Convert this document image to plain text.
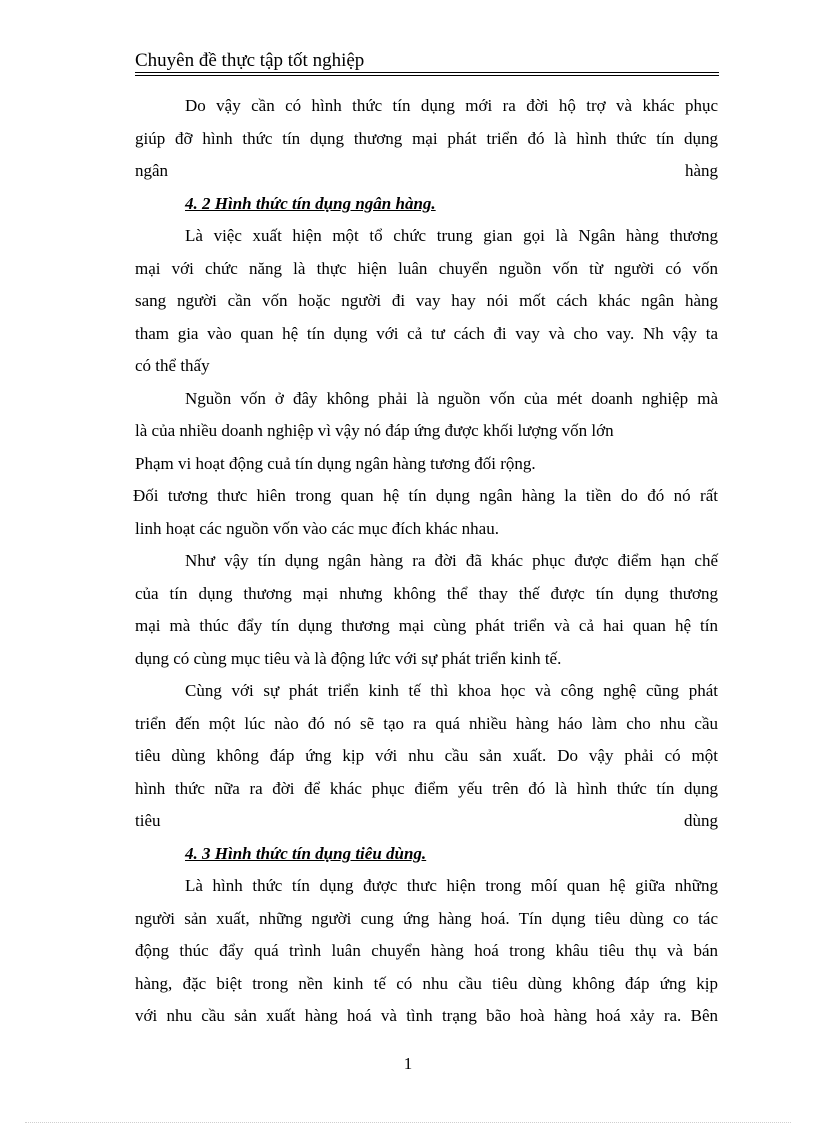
Chuyên đề thực tập tốt nghiệp

Do vậy cần có hình thức tín dụng mới ra đời hộ trợ và khác phục

giúp đỡ hình thức tín dụng thương mại phát triển đó là hình thức tín dụng

ngân	hàng

4. 2 Hình thức tín dụng ngân hàng.

Là việc xuất hiện một tổ chức trung gian gọi là Ngân hàng thương

mại với chức năng là thực hiện luân chuyển nguồn vốn từ người có vốn

sang người cần vốn hoặc người đi vay hay nói mốt cách khác ngân hàng

tham gia vào quan hệ tín dụng với cả tư cách đi vay và cho vay. Nh vậy ta

có thể thấy

Nguồn vốn ở đây không phải là nguồn vốn của mét doanh nghiệp mà

là của nhiều doanh nghiệp vì vậy nó đáp ứng được khối lượng vốn lớn

Phạm vi hoạt động cuả tín dụng ngân hàng tương đối rộng.

Đối tương thưc hiên trong quan hệ tín dụng ngân hàng la tiền do đó nó rất

linh hoạt các nguồn vốn vào các mục đích khác nhau.

Như vậy tín dụng ngân hàng ra đời đã khác phục được điểm hạn chế

của tín dụng thương mại nhưng không thể thay thế được tín dụng thương

mại mà thúc đẩy tín dụng thương mại cùng phát triển và cả hai quan hệ tín

dụng có cùng mục tiêu và là động lức với sự phát triển kinh tế.

Cùng với sự phát triển kinh tế thì khoa học và công nghệ cũng phát

triển đến một lúc nào đó nó sẽ tạo ra quá nhiều hàng háo làm cho nhu cầu

tiêu dùng không đáp ứng kịp với nhu cầu sản xuất. Do vậy phải có một

hình thức nữa ra đời để khác phục điểm yếu trên đó là hình thức tín dụng

tiêu	dùng

4. 3 Hình thức tín dụng tiêu dùng.

Là hình thức tín dụng được thưc hiện trong môí quan hệ giữa những

người sản xuất, những người cung ứng hàng hoá. Tín dụng tiêu dùng co tác

động thúc đẩy quá trình luân chuyển hàng hoá trong khâu tiêu thụ và bán

hàng, đặc biệt trong nền kinh tế có nhu cầu tiêu dùng không đáp ứng kịp

với nhu cầu sản xuất hàng hoá và tình trạng bão hoà hàng hoá xảy ra. Bên

1
